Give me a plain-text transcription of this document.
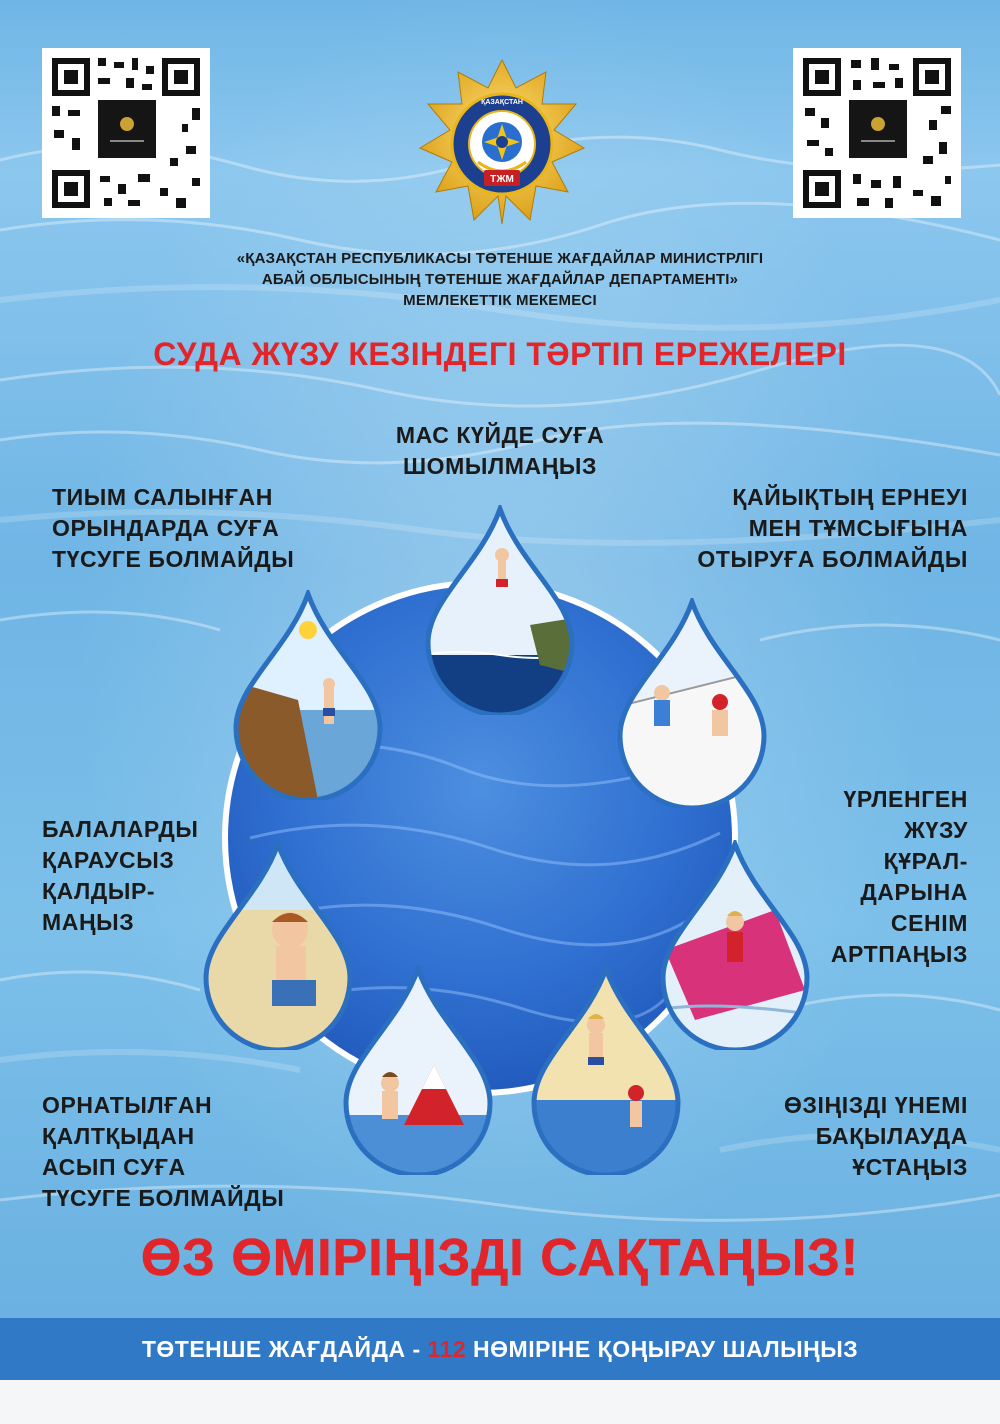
ТЖМ
ҚАЗАҚСТАН
«ҚАЗАҚСТАН РЕСПУБЛИКАСЫ ТӨТЕНШЕ ЖАҒДАЙЛАР МИНИСТРЛІГІ
АБАЙ ОБЛЫСЫНЫҢ ТӨТЕНШЕ ЖАҒДАЙЛАР ДЕПАРТАМЕНТІ»
МЕМЛЕКЕТТІК МЕКЕМЕСІ
СУДА ЖҮЗУ КЕЗІНДЕГІ ТӘРТІП ЕРЕЖЕЛЕРІ
МАС КҮЙДЕ СУҒА
ШОМЫЛМАҢЫЗ
ТИЫМ САЛЫНҒАН
ОРЫНДАРДА СУҒА
ТҮСУГЕ БОЛМАЙДЫ
ҚАЙЫҚТЫҢ ЕРНЕУІ
МЕН ТҰМСЫҒЫНА
ОТЫРУҒА БОЛМАЙДЫ
БАЛАЛАРДЫ
ҚАРАУСЫЗ
ҚАЛДЫР-
МАҢЫЗ
ҮРЛЕНГЕН
ЖҮЗУ
ҚҰРАЛ-
ДАРЫНА
СЕНІМ
АРТПАҢЫЗ
ОРНАТЫЛҒАН
ҚАЛТҚЫДАН
АСЫП СУҒА
ТҮСУГЕ БОЛМАЙДЫ
ӨЗІҢІЗДІ ҮНЕМІ
БАҚЫЛАУДА
ҰСТАҢЫЗ
ӨЗ ӨМІРІҢІЗДІ САҚТАҢЫЗ!
ТӨТЕНШЕ ЖАҒДАЙДА - 112 НӨМІРІНЕ ҚОҢЫРАУ ШАЛЫҢЫЗ
